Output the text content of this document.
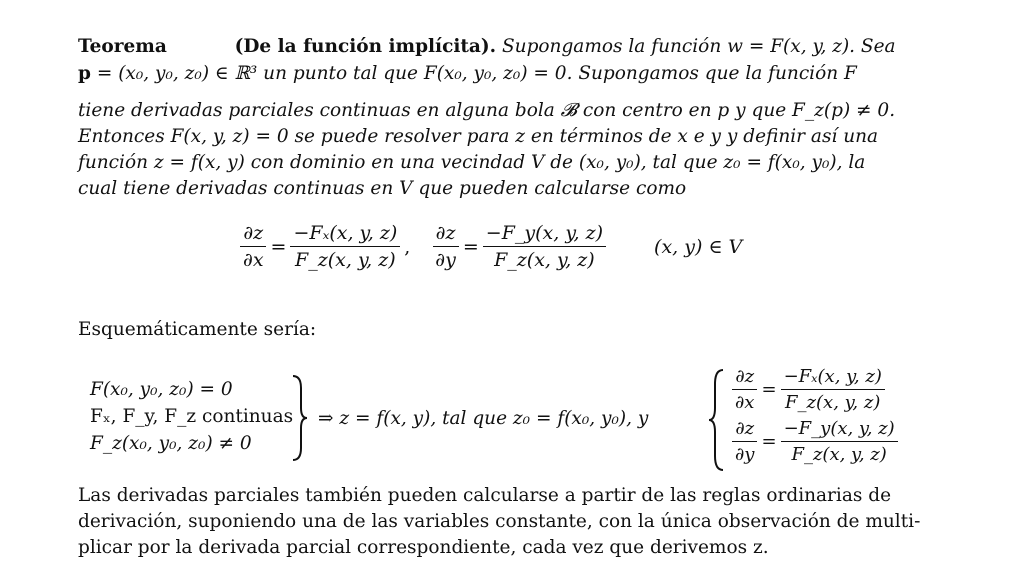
Teorema	(De la función implícita). Supongamos la función w = F(x, y, z). Sea
p = (x₀, y₀, z₀) ∈ ℝ³ un punto tal que F(x₀, y₀, z₀) = 0. Supongamos que la función F
tiene derivadas parciales continuas en alguna bola 𝓑 con centro en p y que F_z(p) ≠ 0.
Entonces F(x, y, z) = 0 se puede resolver para z en términos de x e y y definir así una
función z = f(x, y) con dominio en una vecindad V de (x₀, y₀), tal que z₀ = f(x₀, y₀), la
cual tiene derivadas continuas en V que pueden calcularse como
$\frac{\partial z}{\partial x} = \frac{\text{−Fₓ(x, y, z)}}{F\_z(x, y, z)}$ , $\frac{\partial z}{\partial y} = \frac{-F\_y(x, y, z)}{F\_z(x, y, z)}$	(x, y) ∈ V
Esquemáticamente sería:
F(x₀, y₀, z₀) = 0
Fₓ, F_y, F_z continuas
F_z(x₀, y₀, z₀) ≠ 0
⇒ z = f(x, y), tal que z₀ = f(x₀, y₀), y
$\frac{\partial z}{\partial x} = \frac{\text{−Fₓ(x, y, z)}}{F\_z(x, y, z)}$
$\frac{\partial z}{\partial y} = \frac{-F\_y(x, y, z)}{F\_z(x, y, z)}$
Las derivadas parciales también pueden calcularse a partir de las reglas ordinarias de
derivación, suponiendo una de las variables constante, con la única observación de multi-
plicar por la derivada parcial correspondiente, cada vez que derivemos z.
